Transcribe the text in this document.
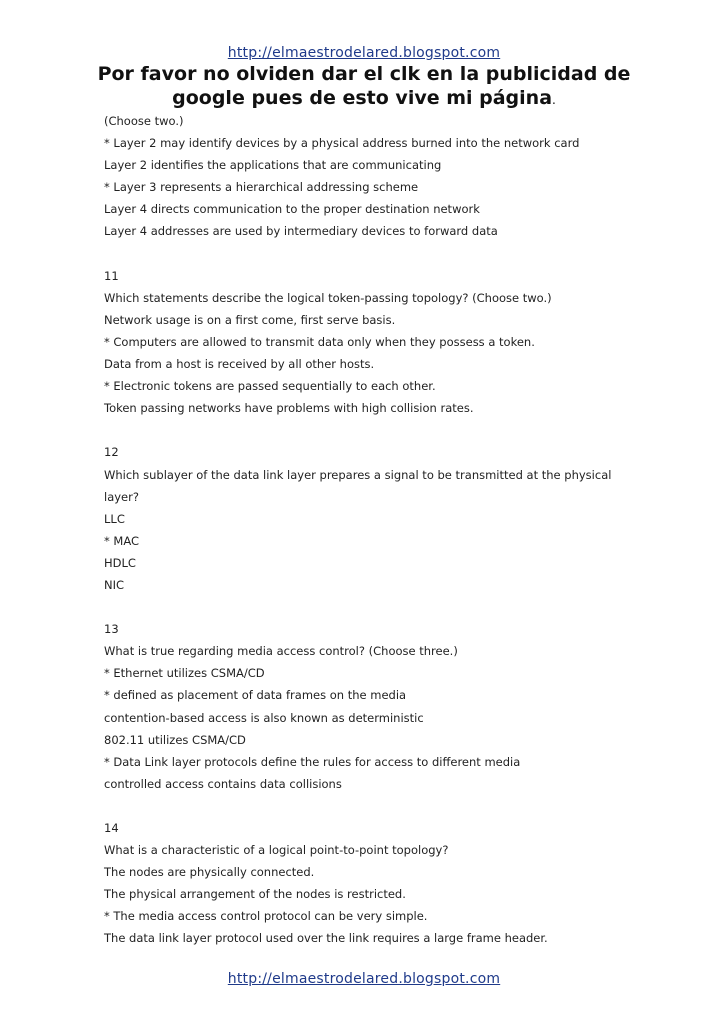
http://elmaestrodelared.blogspot.com
Por favor no olviden dar el clk en la publicidad de
google pues de esto vive mi página.
(Choose two.)
* Layer 2 may identify devices by a physical address burned into the network card
Layer 2 identifies the applications that are communicating
* Layer 3 represents a hierarchical addressing scheme
Layer 4 directs communication to the proper destination network
Layer 4 addresses are used by intermediary devices to forward data
11
Which statements describe the logical token-passing topology? (Choose two.)
Network usage is on a first come, first serve basis.
* Computers are allowed to transmit data only when they possess a token.
Data from a host is received by all other hosts.
* Electronic tokens are passed sequentially to each other.
Token passing networks have problems with high collision rates.
12
Which sublayer of the data link layer prepares a signal to be transmitted at the physical
layer?
LLC
* MAC
HDLC
NIC
13
What is true regarding media access control? (Choose three.)
* Ethernet utilizes CSMA/CD
* defined as placement of data frames on the media
contention-based access is also known as deterministic
802.11 utilizes CSMA/CD
* Data Link layer protocols define the rules for access to different media
controlled access contains data collisions
14
What is a characteristic of a logical point-to-point topology?
The nodes are physically connected.
The physical arrangement of the nodes is restricted.
* The media access control protocol can be very simple.
The data link layer protocol used over the link requires a large frame header.
http://elmaestrodelared.blogspot.com
